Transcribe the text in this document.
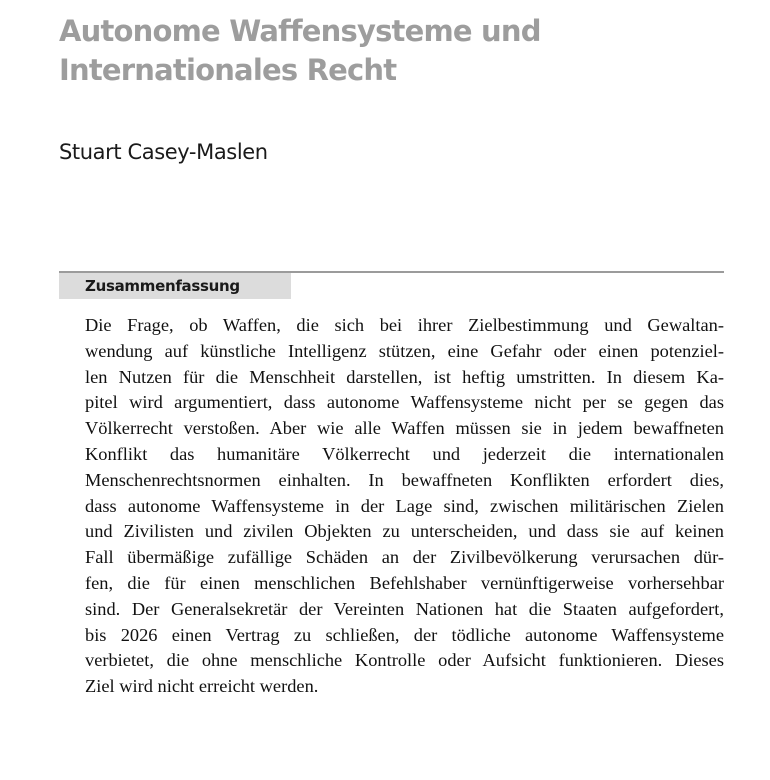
Autonome Waffensysteme und
Internationales Recht

Stuart Casey-Maslen

Zusammenfassung
Die Frage, ob Waffen, die sich bei ihrer Zielbestimmung und Gewaltan-
wendung auf künstliche Intelligenz stützen, eine Gefahr oder einen potenziel-
len Nutzen für die Menschheit darstellen, ist heftig umstritten. In diesem Ka-
pitel wird argumentiert, dass autonome Waffensysteme nicht per se gegen das
Völkerrecht verstoßen. Aber wie alle Waffen müssen sie in jedem bewaffneten
Konflikt das humanitäre Völkerrecht und jederzeit die internationalen
Menschenrechtsnormen einhalten. In bewaffneten Konflikten erfordert dies,
dass autonome Waffensysteme in der Lage sind, zwischen militärischen Zielen
und Zivilisten und zivilen Objekten zu unterscheiden, und dass sie auf keinen
Fall übermäßige zufällige Schäden an der Zivilbevölkerung verursachen dür-
fen, die für einen menschlichen Befehlshaber vernünftigerweise vorhersehbar
sind. Der Generalsekretär der Vereinten Nationen hat die Staaten aufgefordert,
bis 2026 einen Vertrag zu schließen, der tödliche autonome Waffensysteme
verbietet, die ohne menschliche Kontrolle oder Aufsicht funktionieren. Dieses
Ziel wird nicht erreicht werden.
